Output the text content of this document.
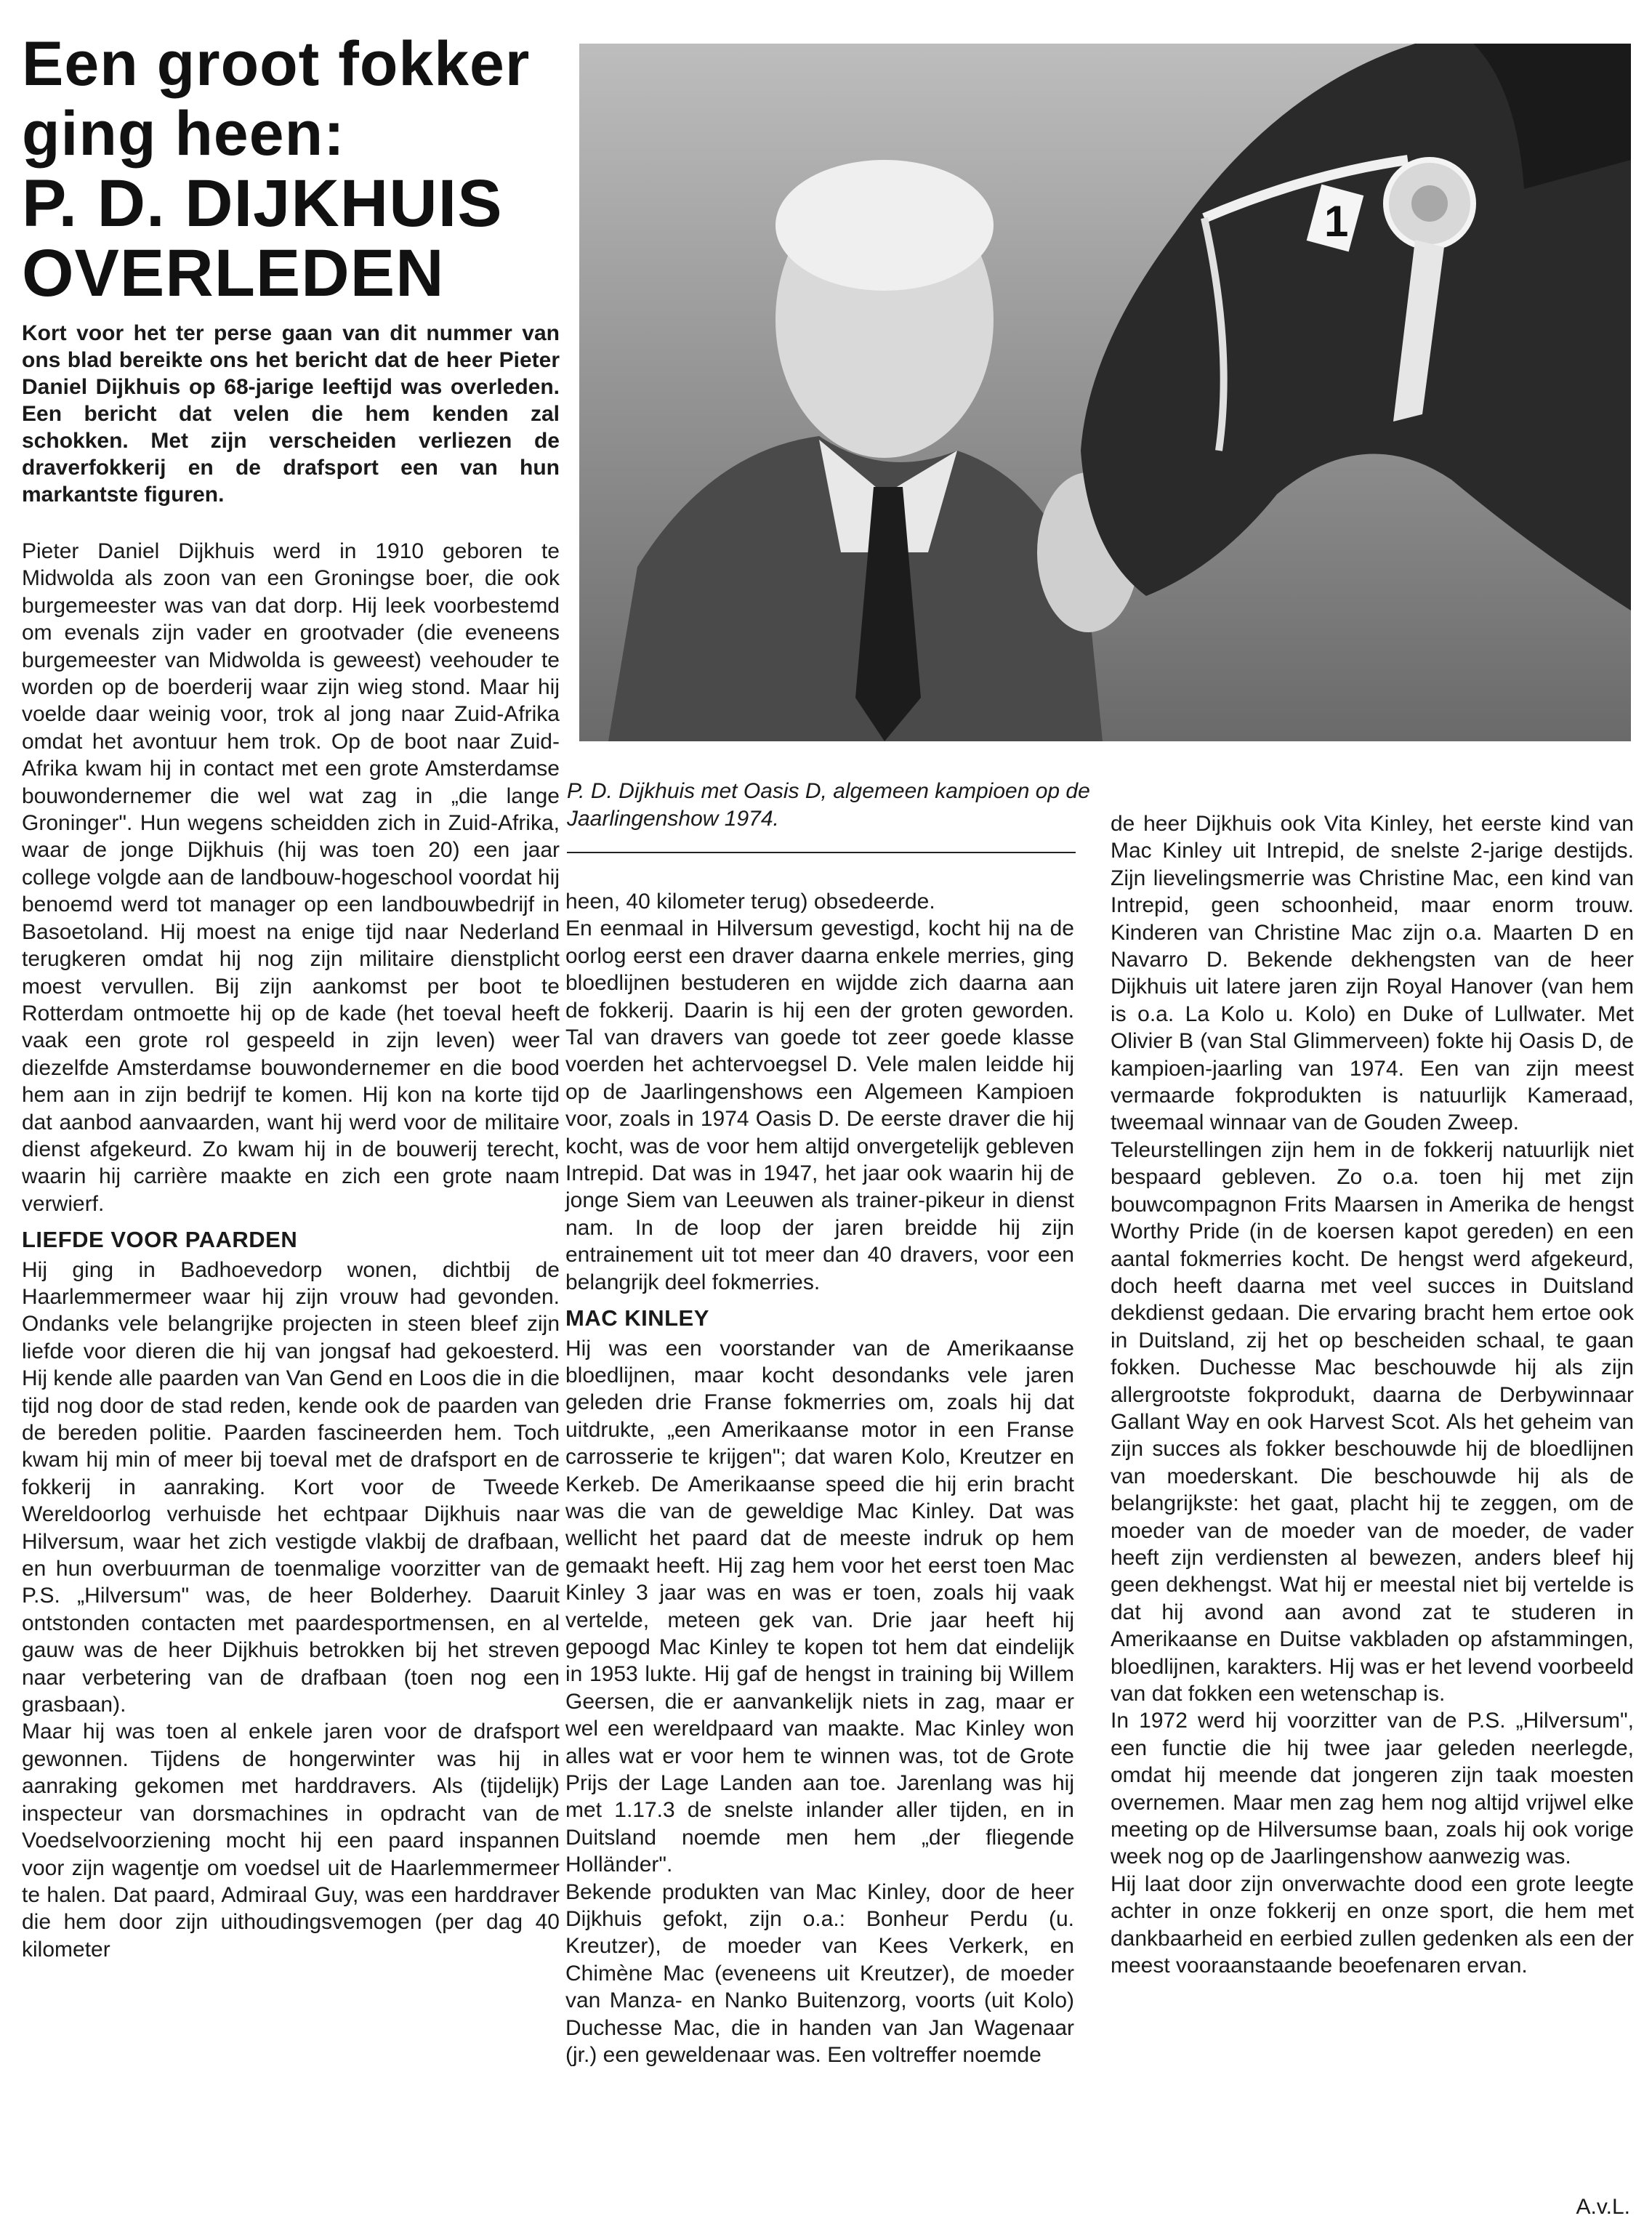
Een groot fokker
ging heen:
P. D. DIJKHUIS
OVERLEDEN
Kort voor het ter perse gaan van dit nummer van ons blad bereikte ons het bericht dat de heer Pieter Daniel Dijkhuis op 68-jarige leeftijd was overleden. Een bericht dat velen die hem kenden zal schokken. Met zijn verscheiden verliezen de draverfokkerij en de drafsport een van hun markantste figuren.
1
P. D. Dijkhuis met Oasis D, algemeen kampioen op de Jaarlingenshow 1974.

Pieter Daniel Dijkhuis werd in 1910 geboren te Midwolda als zoon van een Groningse boer, die ook burgemeester was van dat dorp. Hij leek voorbestemd om evenals zijn vader en grootvader (die eveneens burgemeester van Midwolda is geweest) veehouder te worden op de boerderij waar zijn wieg stond. Maar hij voelde daar weinig voor, trok al jong naar Zuid-Afrika omdat het avontuur hem trok. Op de boot naar Zuid-Afrika kwam hij in contact met een grote Amsterdamse bouwondernemer die wel wat zag in „die lange Groninger". Hun wegens scheidden zich in Zuid-Afrika, waar de jonge Dijkhuis (hij was toen 20) een jaar college volgde aan de landbouw-hogeschool voordat hij benoemd werd tot manager op een landbouwbedrijf in Basoetoland. Hij moest na enige tijd naar Nederland terugkeren omdat hij nog zijn militaire dienstplicht moest vervullen. Bij zijn aankomst per boot te Rotterdam ontmoette hij op de kade (het toeval heeft vaak een grote rol gespeeld in zijn leven) weer diezelfde Amsterdamse bouwondernemer en die bood hem aan in zijn bedrijf te komen. Hij kon na korte tijd dat aanbod aanvaarden, want hij werd voor de militaire dienst afgekeurd. Zo kwam hij in de bouwerij terecht, waarin hij carrière maakte en zich een grote naam verwierf.

LIEFDE VOOR PAARDEN

Hij ging in Badhoevedorp wonen, dichtbij de Haarlemmermeer waar hij zijn vrouw had gevonden. Ondanks vele belangrijke projecten in steen bleef zijn liefde voor dieren die hij van jongsaf had gekoesterd. Hij kende alle paarden van Van Gend en Loos die in die tijd nog door de stad reden, kende ook de paarden van de bereden politie. Paarden fascineerden hem. Toch kwam hij min of meer bij toeval met de drafsport en de fokkerij in aanraking. Kort voor de Tweede Wereldoorlog verhuisde het echtpaar Dijkhuis naar Hilversum, waar het zich vestigde vlakbij de drafbaan, en hun overbuurman de toenmalige voorzitter van de P.S. „Hilversum" was, de heer Bolderhey. Daaruit ontstonden contacten met paardesportmensen, en al gauw was de heer Dijkhuis betrokken bij het streven naar verbetering van de drafbaan (toen nog een grasbaan).

Maar hij was toen al enkele jaren voor de drafsport gewonnen. Tijdens de hongerwinter was hij in aanraking gekomen met harddravers. Als (tijdelijk) inspecteur van dorsmachines in opdracht van de Voedselvoorziening mocht hij een paard inspannen voor zijn wagentje om voedsel uit de Haarlemmermeer te halen. Dat paard, Admiraal Guy, was een harddraver die hem door zijn uithoudingsvemogen (per dag 40 kilometer

heen, 40 kilometer terug) obsedeerde.

En eenmaal in Hilversum gevestigd, kocht hij na de oorlog eerst een draver daarna enkele merries, ging bloedlijnen bestuderen en wijdde zich daarna aan de fokkerij. Daarin is hij een der groten geworden. Tal van dravers van goede tot zeer goede klasse voerden het achtervoegsel D. Vele malen leidde hij op de Jaarlingenshows een Algemeen Kampioen voor, zoals in 1974 Oasis D. De eerste draver die hij kocht, was de voor hem altijd onvergetelijk gebleven Intrepid. Dat was in 1947, het jaar ook waarin hij de jonge Siem van Leeuwen als trainer-pikeur in dienst nam. In de loop der jaren breidde hij zijn entrainement uit tot meer dan 40 dravers, voor een belangrijk deel fokmerries.

MAC KINLEY

Hij was een voorstander van de Amerikaanse bloedlijnen, maar kocht desondanks vele jaren geleden drie Franse fokmerries om, zoals hij dat uitdrukte, „een Amerikaanse motor in een Franse carrosserie te krijgen"; dat waren Kolo, Kreutzer en Kerkeb. De Amerikaanse speed die hij erin bracht was die van de geweldige Mac Kinley. Dat was wellicht het paard dat de meeste indruk op hem gemaakt heeft. Hij zag hem voor het eerst toen Mac Kinley 3 jaar was en was er toen, zoals hij vaak vertelde, meteen gek van. Drie jaar heeft hij gepoogd Mac Kinley te kopen tot hem dat eindelijk in 1953 lukte. Hij gaf de hengst in training bij Willem Geersen, die er aanvankelijk niets in zag, maar er wel een wereldpaard van maakte. Mac Kinley won alles wat er voor hem te winnen was, tot de Grote Prijs der Lage Landen aan toe. Jarenlang was hij met 1.17.3 de snelste inlander aller tijden, en in Duitsland noemde men hem „der fliegende Holländer".

Bekende produkten van Mac Kinley, door de heer Dijkhuis gefokt, zijn o.a.: Bonheur Perdu (u. Kreutzer), de moeder van Kees Verkerk, en Chimène Mac (eveneens uit Kreutzer), de moeder van Manza- en Nanko Buitenzorg, voorts (uit Kolo) Duchesse Mac, die in handen van Jan Wagenaar (jr.) een geweldenaar was. Een voltreffer noemde

de heer Dijkhuis ook Vita Kinley, het eerste kind van Mac Kinley uit Intrepid, de snelste 2-jarige destijds. Zijn lievelingsmerrie was Christine Mac, een kind van Intrepid, geen schoonheid, maar enorm trouw. Kinderen van Christine Mac zijn o.a. Maarten D en Navarro D. Bekende dekhengsten van de heer Dijkhuis uit latere jaren zijn Royal Hanover (van hem is o.a. La Kolo u. Kolo) en Duke of Lullwater. Met Olivier B (van Stal Glimmerveen) fokte hij Oasis D, de kampioen-jaarling van 1974. Een van zijn meest vermaarde fokprodukten is natuurlijk Kameraad, tweemaal winnaar van de Gouden Zweep.

Teleurstellingen zijn hem in de fokkerij natuurlijk niet bespaard gebleven. Zo o.a. toen hij met zijn bouwcompagnon Frits Maarsen in Amerika de hengst Worthy Pride (in de koersen kapot gereden) en een aantal fokmerries kocht. De hengst werd afgekeurd, doch heeft daarna met veel succes in Duitsland dekdienst gedaan. Die ervaring bracht hem ertoe ook in Duitsland, zij het op bescheiden schaal, te gaan fokken. Duchesse Mac beschouwde hij als zijn allergrootste fokprodukt, daarna de Derbywinnaar Gallant Way en ook Harvest Scot. Als het geheim van zijn succes als fokker beschouwde hij de bloedlijnen van moederskant. Die beschouwde hij als de belangrijkste: het gaat, placht hij te zeggen, om de moeder van de moeder van de moeder, de vader heeft zijn verdiensten al bewezen, anders bleef hij geen dekhengst. Wat hij er meestal niet bij vertelde is dat hij avond aan avond zat te studeren in Amerikaanse en Duitse vakbladen op afstammingen, bloedlijnen, karakters. Hij was er het levend voorbeeld van dat fokken een wetenschap is.

In 1972 werd hij voorzitter van de P.S. „Hilversum", een functie die hij twee jaar geleden neerlegde, omdat hij meende dat jongeren zijn taak moesten overnemen. Maar men zag hem nog altijd vrijwel elke meeting op de Hilversumse baan, zoals hij ook vorige week nog op de Jaarlingenshow aanwezig was.

Hij laat door zijn onverwachte dood een grote leegte achter in onze fokkerij en onze sport, die hem met dankbaarheid en eerbied zullen gedenken als een der meest vooraanstaande beoefenaren ervan.

A.v.L.
